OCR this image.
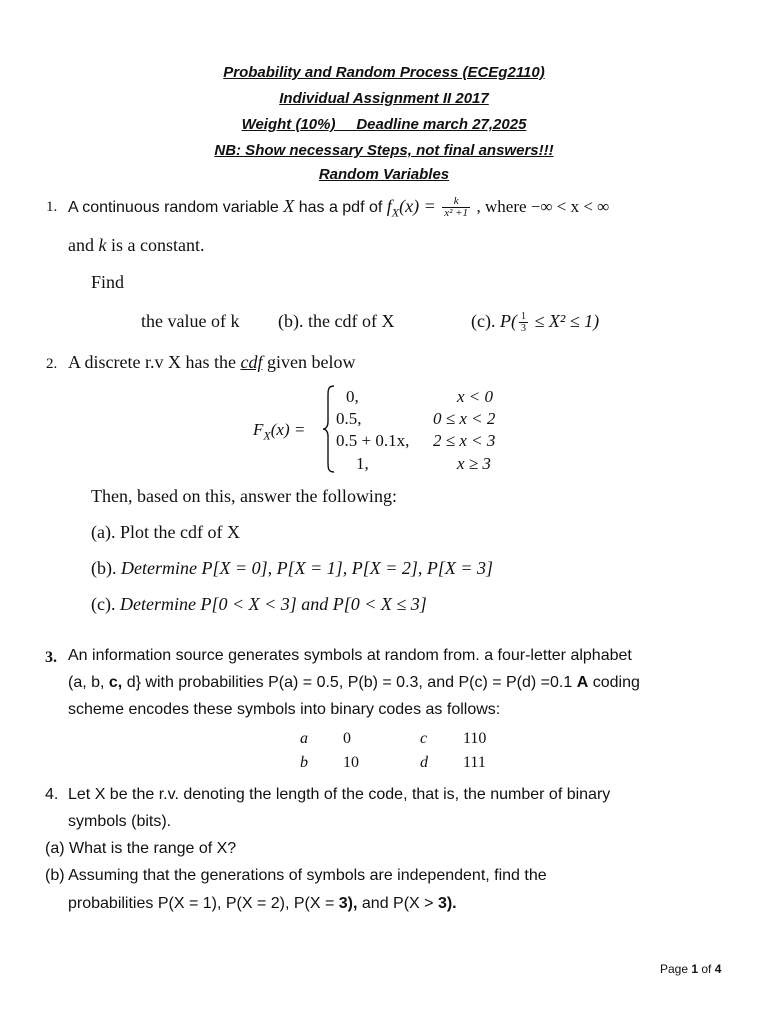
Probability and Random Process (ECEg2110)
Individual Assignment II 2017
Weight (10%) Deadline march 27,2025
NB: Show necessary Steps, not final answers!!!
Random Variables
1. A continuous random variable X has a pdf of $f_X(x) = \frac{k}{\text{x² +1}}$ , where −∞ < x < ∞
and k is a constant.
Find
the value of k (b). the cdf of X	(c). $P( \frac{1}{3} \le X^2 \le 1)$
2. A discrete r.v X has the cdf given below
$F_X(x)$ =
0,	x < 0
0.5,	0 ≤ x < 2
0.5 + 0.1x, 2 ≤ x < 3
1,	x ≥ 3
Then, based on this, answer the following:
(a). Plot the cdf of X
(b). Determine P[X = 0], P[X = 1], P[X = 2], P[X = 3]
(c). Determine P[0 < X < 3] and P[0 < X ≤ 3]
3. An information source generates symbols at random from. a four-letter alphabet
(a, b, c, d} with probabilities P(a) = 0.5, P(b) = 0.3, and P(c) = P(d) =0.1 A coding
scheme encodes these symbols into binary codes as follows:
a 0	c 110
b 10	d 111
4. Let X be the r.v. denoting the length of the code, that is, the number of binary
symbols (bits).
(a) What is the range of X?
(b) Assuming that the generations of symbols are independent, find the
probabilities P(X = 1), P(X = 2), P(X = 3), and P(X > 3).
Page 1 of 4
